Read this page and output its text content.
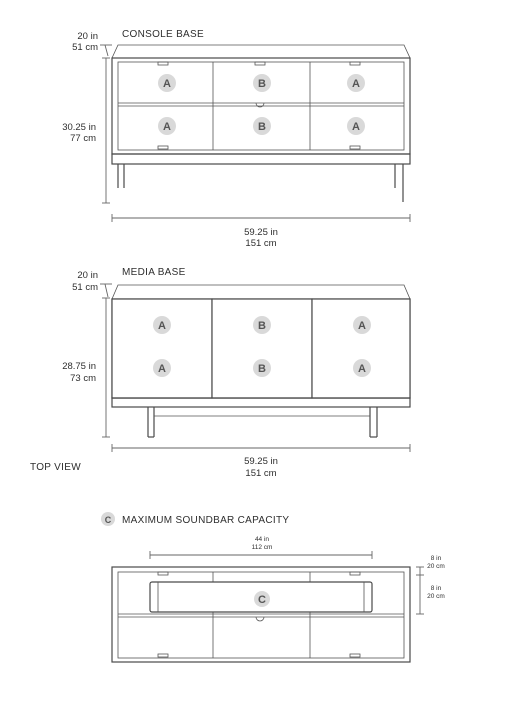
CONSOLE BASE
20 in
51 cm
30.25 in
77 cm
A	B	A
A	B	A
59.25 in
151 cm
MEDIA BASE
20 in
51 cm
28.75 in
73 cm
A	B	A
A	B	A
59.25 in
151 cm
TOP VIEW
C MAXIMUM SOUNDBAR CAPACITY
44 in
112 cm
C
8 in
20 cm
8 in
20 cm
